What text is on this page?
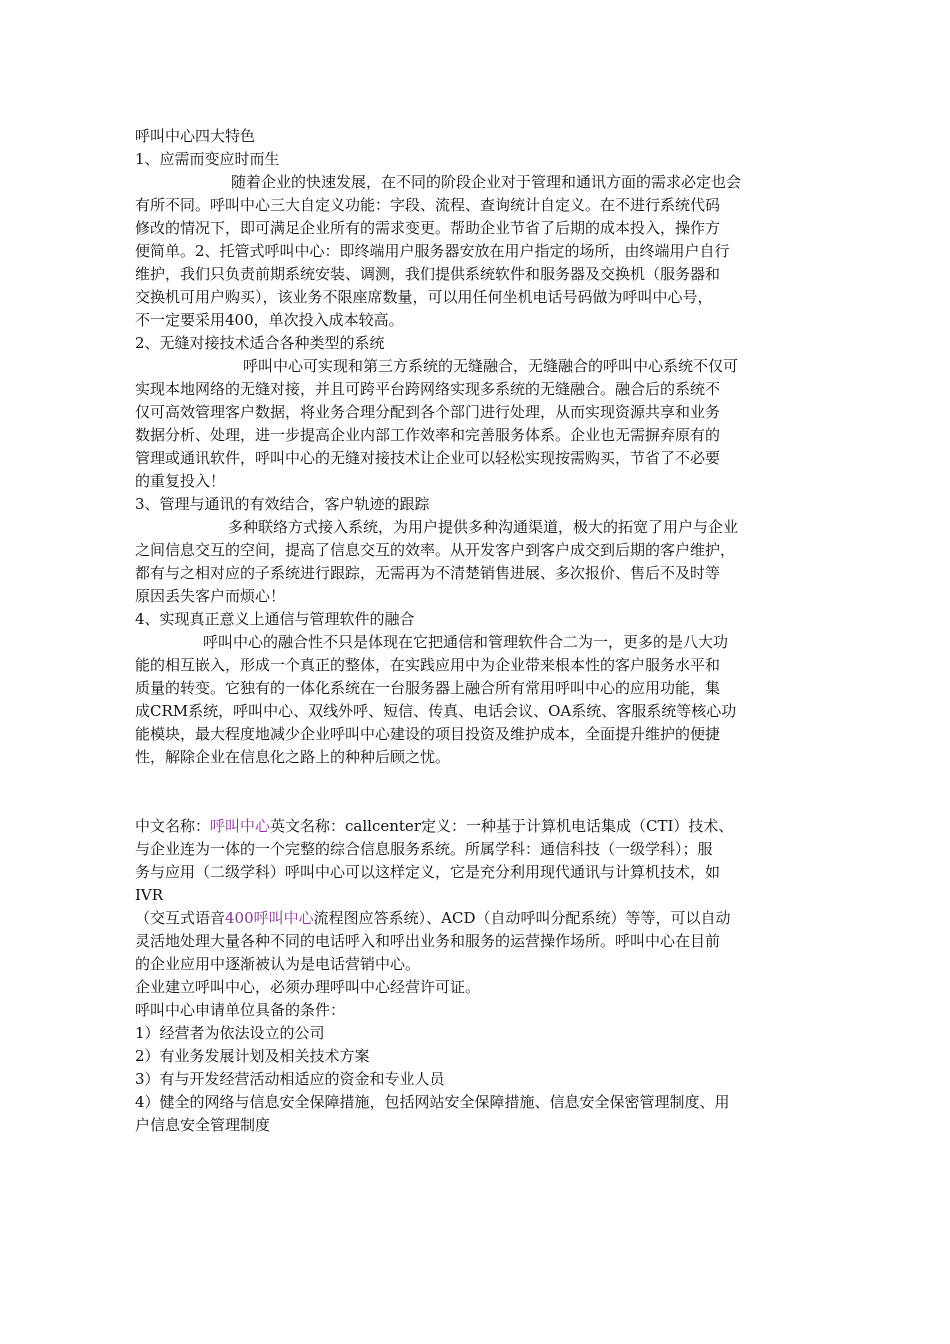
呼叫中心四大特色
1、应需而变应时而生
随着企业的快速发展，在不同的阶段企业对于管理和通讯方面的需求必定也会
有所不同。呼叫中心三大自定义功能：字段、流程、查询统计自定义。在不进行系统代码
修改的情况下，即可满足企业所有的需求变更。帮助企业节省了后期的成本投入，操作方
便简单。2、托管式呼叫中心：即终端用户服务器安放在用户指定的场所，由终端用户自行
维护，我们只负责前期系统安装、调测，我们提供系统软件和服务器及交换机（服务器和
交换机可用户购买），该业务不限座席数量，可以用任何坐机电话号码做为呼叫中心号，
不一定要采用400，单次投入成本较高。
2、无缝对接技术适合各种类型的系统
呼叫中心可实现和第三方系统的无缝融合，无缝融合的呼叫中心系统不仅可
实现本地网络的无缝对接，并且可跨平台跨网络实现多系统的无缝融合。融合后的系统不
仅可高效管理客户数据，将业务合理分配到各个部门进行处理，从而实现资源共享和业务
数据分析、处理，进一步提高企业内部工作效率和完善服务体系。企业也无需摒弃原有的
管理或通讯软件，呼叫中心的无缝对接技术让企业可以轻松实现按需购买，节省了不必要
的重复投入！
3、管理与通讯的有效结合，客户轨迹的跟踪
多种联络方式接入系统，为用户提供多种沟通渠道，极大的拓宽了用户与企业
之间信息交互的空间，提高了信息交互的效率。从开发客户到客户成交到后期的客户维护，
都有与之相对应的子系统进行跟踪，无需再为不清楚销售进展、多次报价、售后不及时等
原因丢失客户而烦心！
4、实现真正意义上通信与管理软件的融合
呼叫中心的融合性不只是体现在它把通信和管理软件合二为一，更多的是八大功
能的相互嵌入，形成一个真正的整体，在实践应用中为企业带来根本性的客户服务水平和
质量的转变。它独有的一体化系统在一台服务器上融合所有常用呼叫中心的应用功能，集
成CRM系统，呼叫中心、双线外呼、短信、传真、电话会议、OA系统、客服系统等核心功
能模块，最大程度地减少企业呼叫中心建设的项目投资及维护成本，全面提升维护的便捷
性，解除企业在信息化之路上的种种后顾之忧。
中文名称：呼叫中心英文名称：callcenter定义：一种基于计算机电话集成（CTI）技术、
与企业连为一体的一个完整的综合信息服务系统。所属学科：通信科技（一级学科）；服
务与应用（二级学科）呼叫中心可以这样定义，它是充分利用现代通讯与计算机技术，如
IVR
（交互式语音400呼叫中心流程图应答系统）、ACD（自动呼叫分配系统）等等，可以自动
灵活地处理大量各种不同的电话呼入和呼出业务和服务的运营操作场所。呼叫中心在目前
的企业应用中逐渐被认为是电话营销中心。
企业建立呼叫中心，必须办理呼叫中心经营许可证。
呼叫中心申请单位具备的条件：
1）经营者为依法设立的公司
2）有业务发展计划及相关技术方案
3）有与开发经营活动相适应的资金和专业人员
4）健全的网络与信息安全保障措施，包括网站安全保障措施、信息安全保密管理制度、用
户信息安全管理制度
